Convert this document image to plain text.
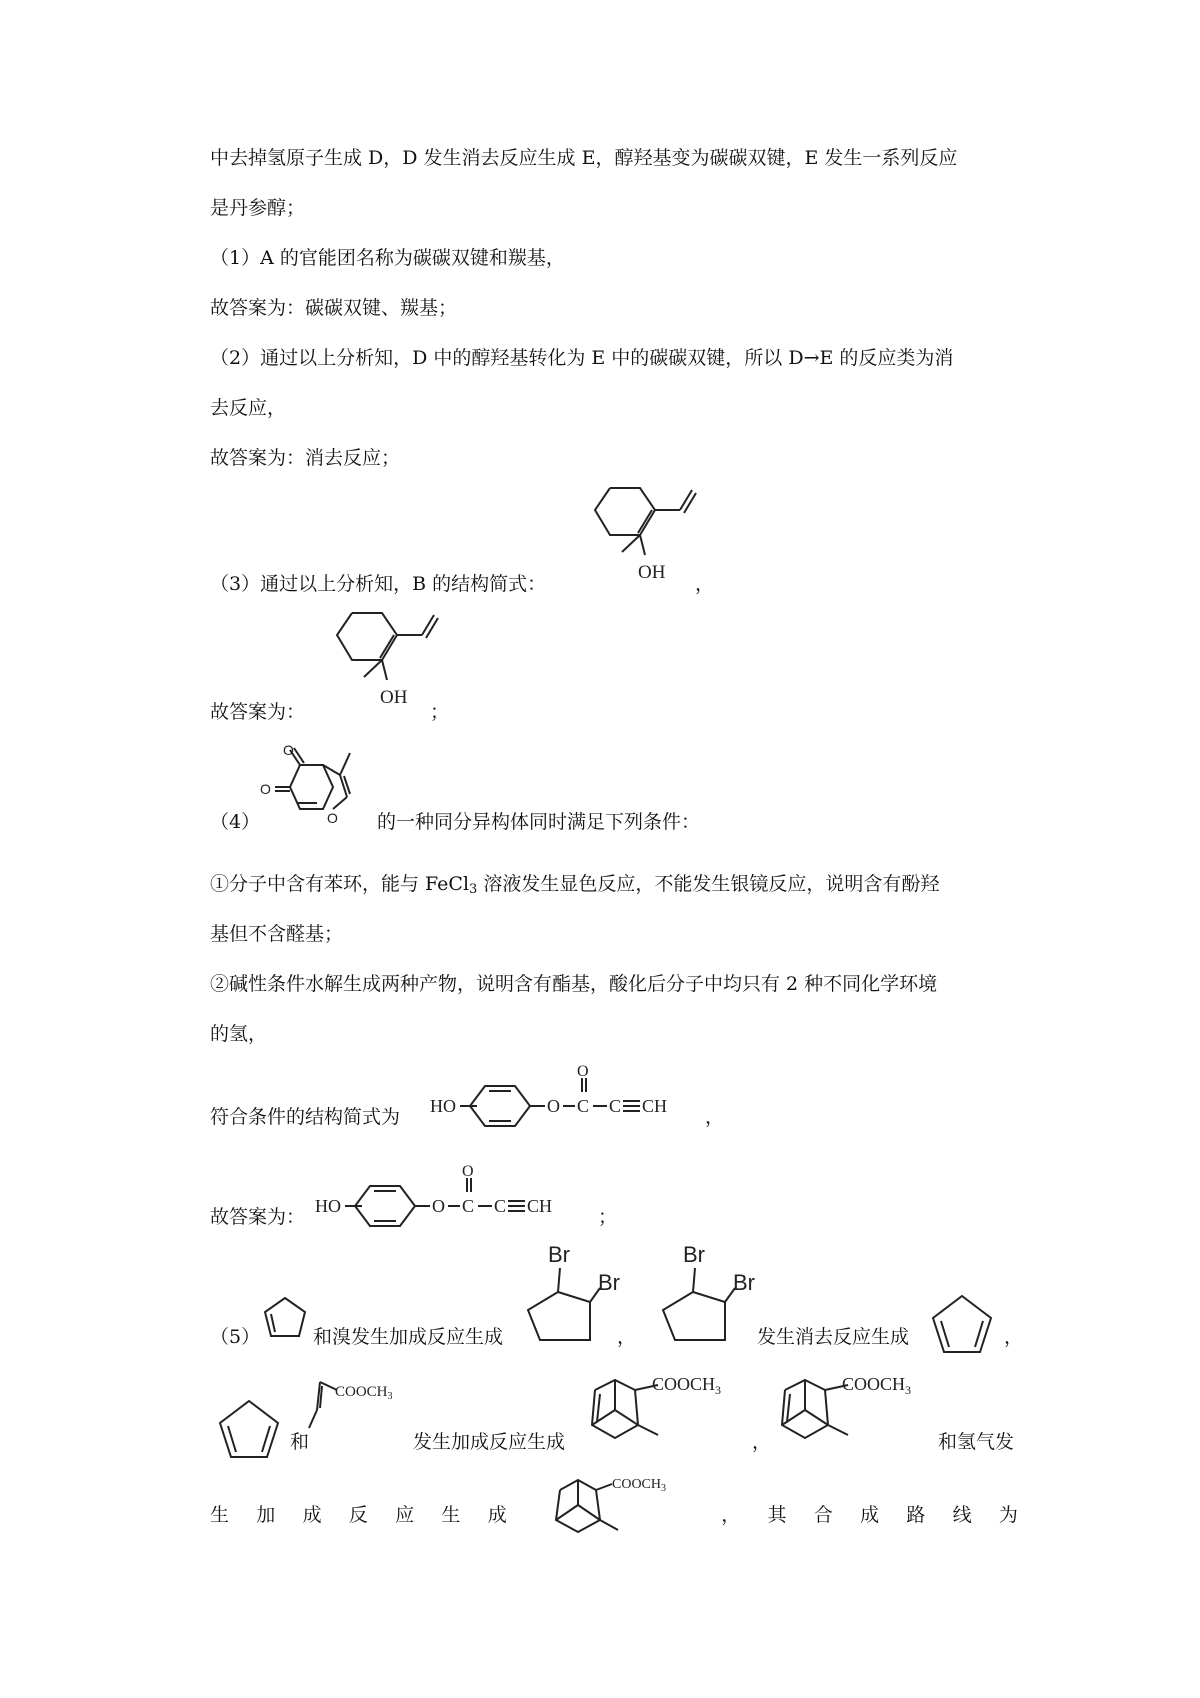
中去掉氢原子生成 D，D 发生消去反应生成 E，醇羟基变为碳碳双键，E 发生一系列反应
是丹参醇；
（1）A 的官能团名称为碳碳双键和羰基，
故答案为：碳碳双键、羰基；
（2）通过以上分析知，D 中的醇羟基转化为 E 中的碳碳双键，所以 D→E 的反应类为消
去反应，
故答案为：消去反应；
（3）通过以上分析知，B 的结构简式：	，
故答案为：	；
（4）	的一种同分异构体同时满足下列条件：
①分子中含有苯环，能与 FeCl$_3$ 溶液发生显色反应，不能发生银镜反应，说明含有酚羟
基但不含醛基；
②碱性条件水解生成两种产物，说明含有酯基，酸化后分子中均只有 2 种不同化学环境
的氢，
符合条件的结构简式为	，
故答案为：	；
（5）	和溴发生加成反应生成	，	发生消去反应生成	，
和	发生加成反应生成	，	和氢气发
生 加 成 反 应 生 成	， 其 合 成 路 线 为
OH
OH
O
O
O
HO	O C
O
C CH
HO	O C
O
C CH
Br
Br
Br
Br
$COOCH_3$
$COOCH_3$	$COOCH_3$
$COOCH_3$
